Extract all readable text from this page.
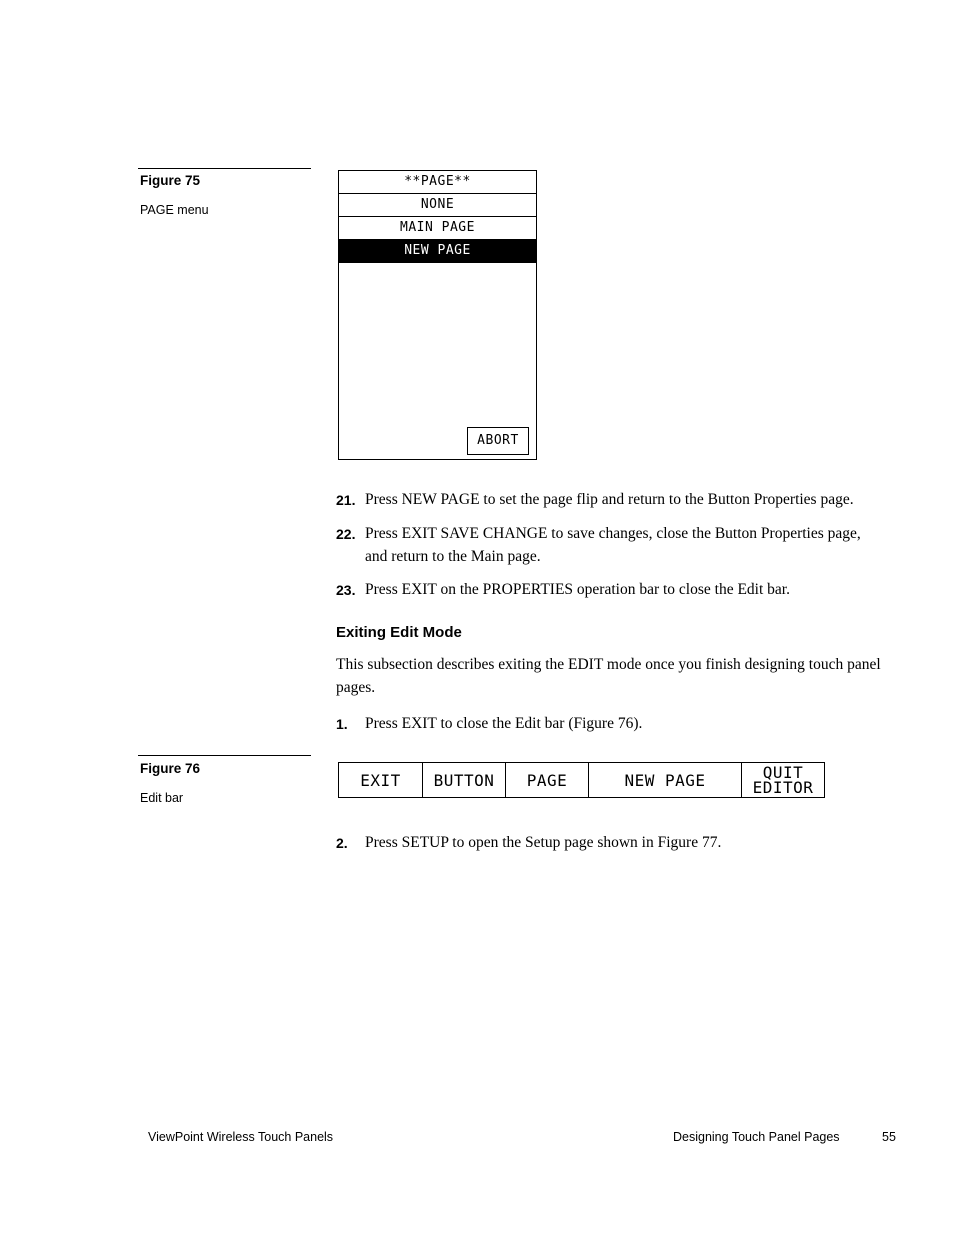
Figure 75
PAGE menu
**PAGE**
NONE
MAIN PAGE
NEW PAGE
ABORT
21. Press NEW PAGE to set the page flip and return to the Button Properties page.
22. Press EXIT SAVE CHANGE to save changes, close the Button Properties page, and return to the Main page.
23. Press EXIT on the PROPERTIES operation bar to close the Edit bar.
Exiting Edit Mode
This subsection describes exiting the EDIT mode once you finish designing touch panel pages.
1.	Press EXIT to close the Edit bar (Figure 76).
Figure 76
Edit bar
EXIT	BUTTON	PAGE	NEW PAGE	QUIT
EDITOR
2.	Press SETUP to open the Setup page shown in Figure 77.
ViewPoint Wireless Touch Panels	Designing Touch Panel Pages	55
